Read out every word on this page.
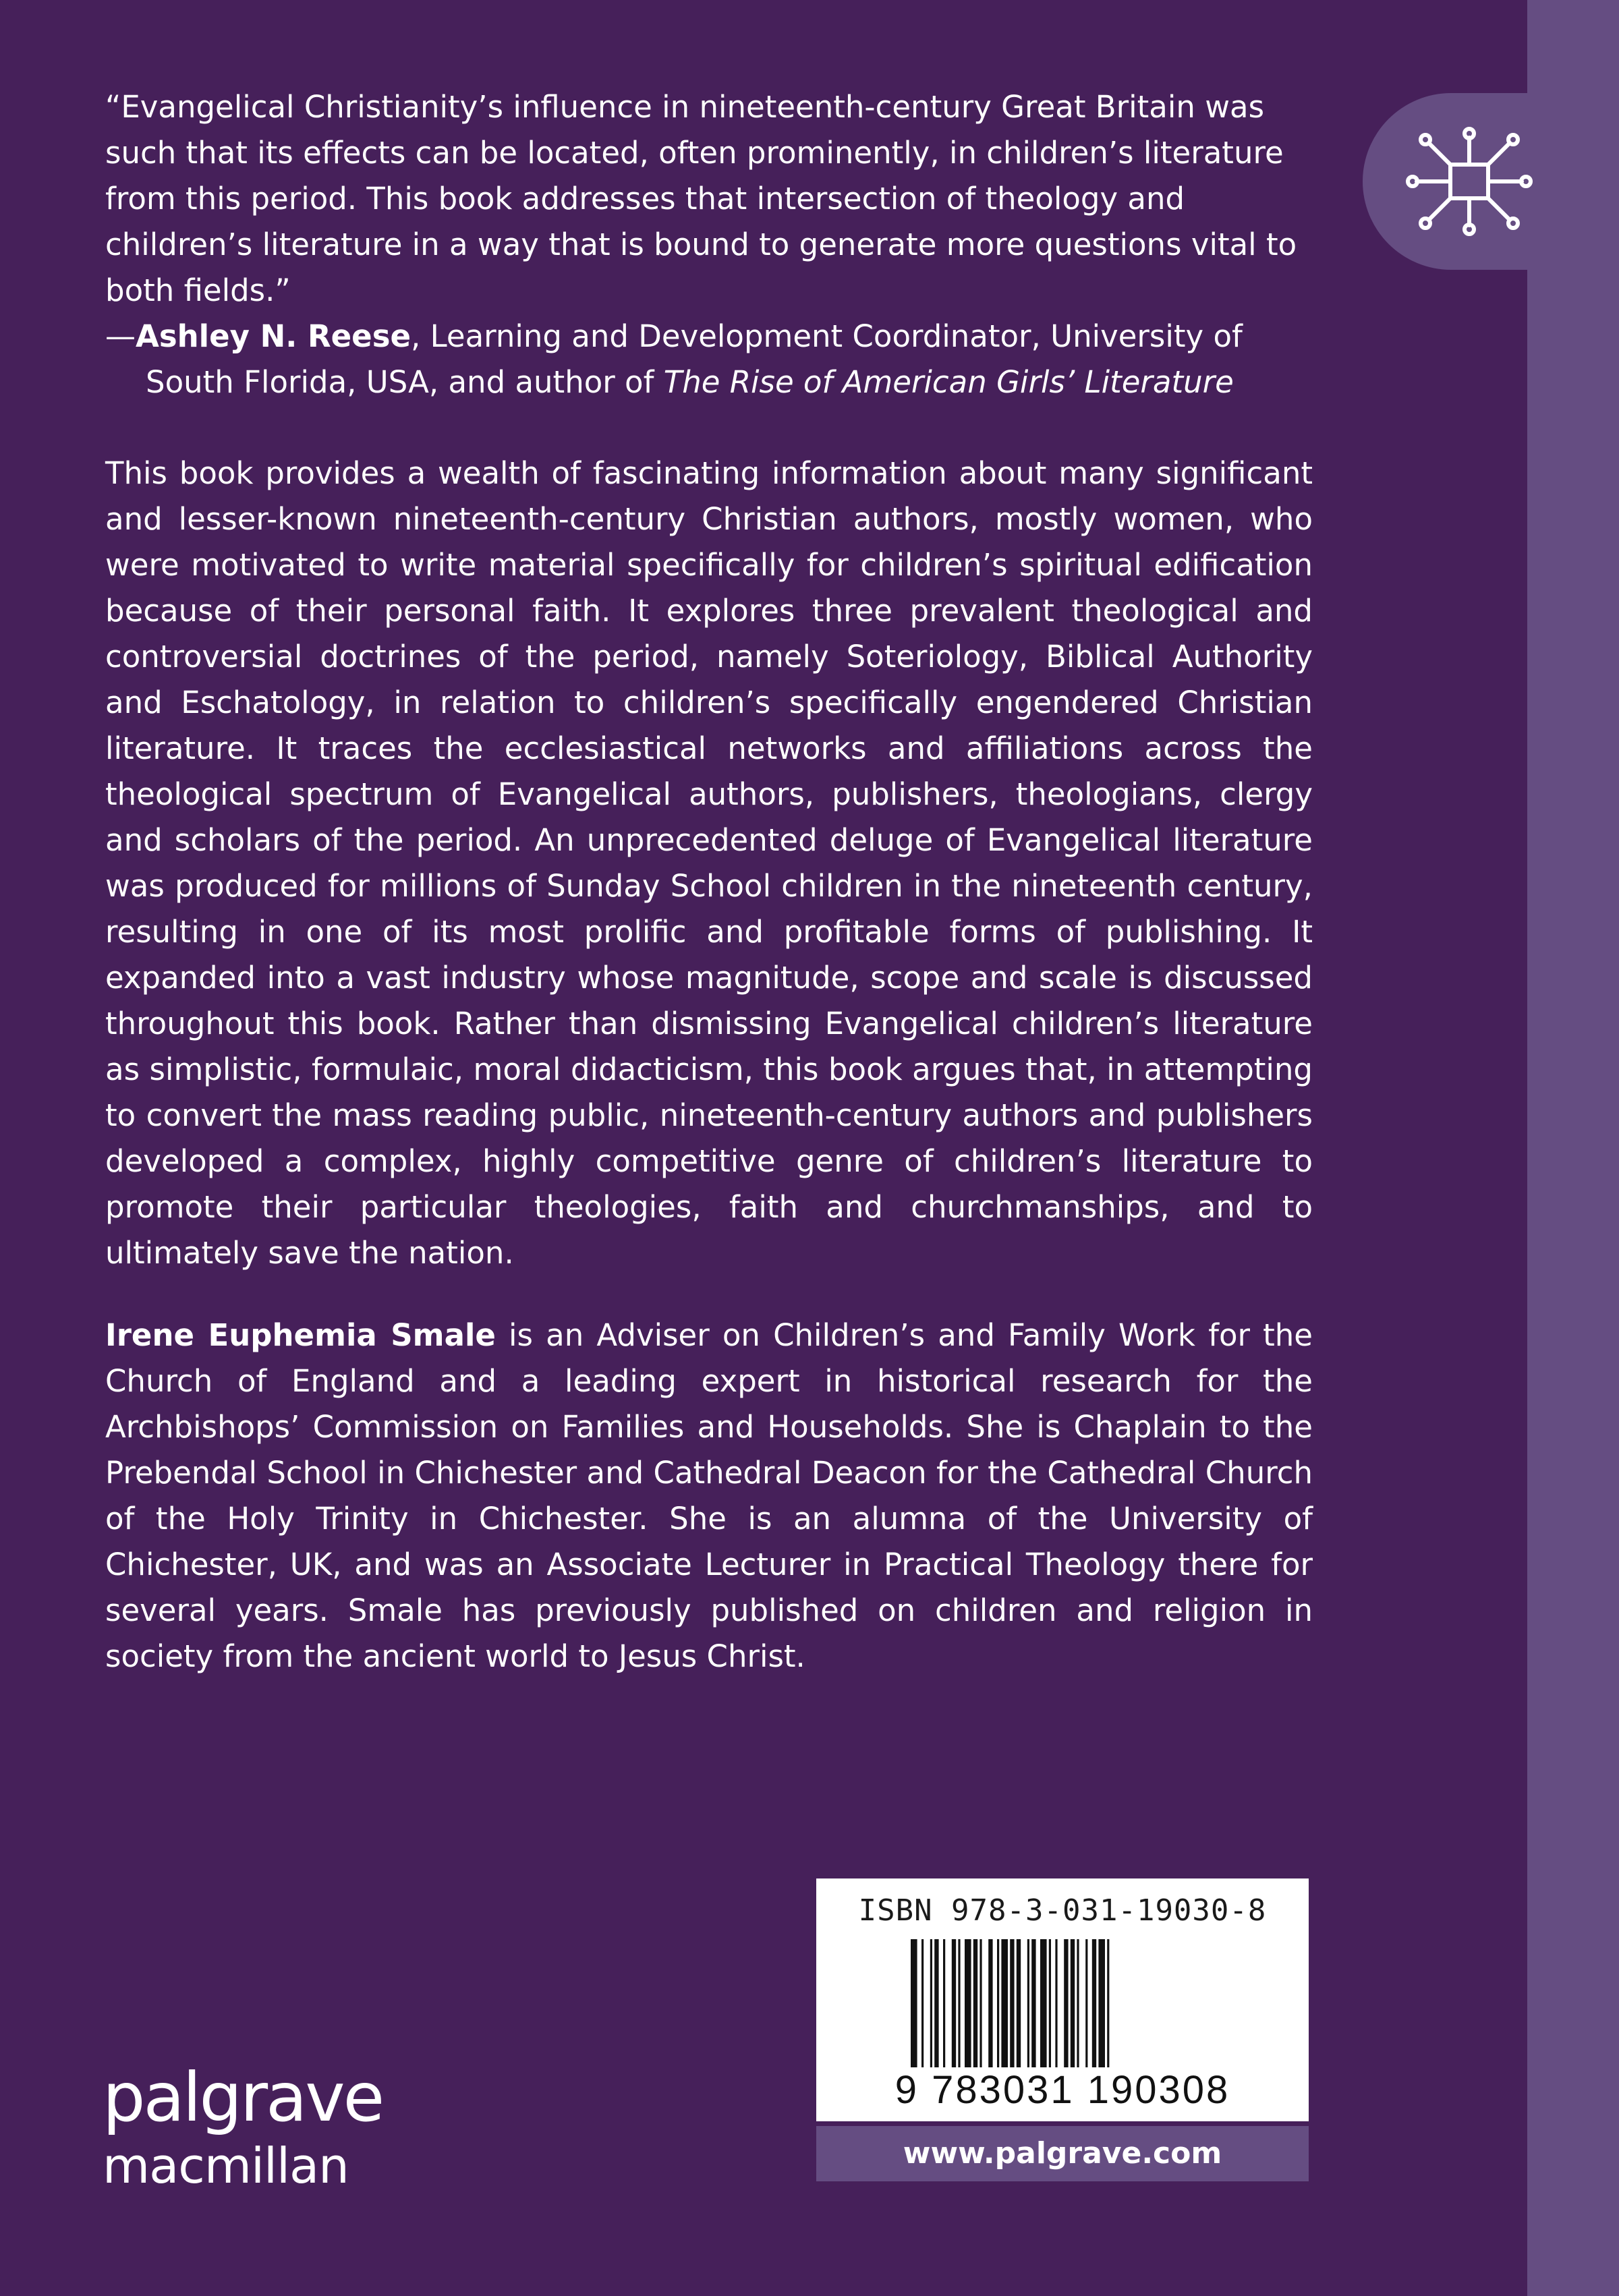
“Evangelical Christianity’s influence in nineteenth-century Great Britain was such that its effects can be located, often prominently, in children’s literature from this period. This book addresses that intersection of theology and children’s literature in a way that is bound to generate more questions vital to both fields.”

—Ashley N. Reese, Learning and Development Coordinator, University of South Florida, USA, and author of The Rise of American Girls’ Literature
This book provides a wealth of fascinating information about many significant and lesser-known nineteenth-century Christian authors, mostly women, who were motivated to write material specifically for children’s spiritual edification because of their personal faith. It explores three prevalent theological and controversial doctrines of the period, namely Soteriology, Biblical Authority and Eschatology, in relation to children’s specifically engendered Christian literature. It traces the ecclesiastical networks and affiliations across the theological spectrum of Evangelical authors, publishers, theologians, clergy and scholars of the period. An unprecedented deluge of Evangelical literature was produced for millions of Sunday School children in the nineteenth century, resulting in one of its most prolific and profitable forms of publishing. It expanded into a vast industry whose magnitude, scope and scale is discussed throughout this book. Rather than dismissing Evangelical children’s literature as simplistic, formulaic, moral didacticism, this book argues that, in attempting to convert the mass reading public, nineteenth-century authors and publishers developed a complex, highly competitive genre of children’s literature to promote their particular theologies, faith and churchmanships, and to ultimately save the nation.
Irene Euphemia Smale is an Adviser on Children’s and Family Work for the Church of England and a leading expert in historical research for the Archbishops’ Commission on Families and Households. She is Chaplain to the Prebendal School in Chichester and Cathedral Deacon for the Cathedral Church of the Holy Trinity in Chichester. She is an alumna of the University of Chichester, UK, and was an Associate Lecturer in Practical Theology there for several years. Smale has previously published on children and religion in society from the ancient world to Jesus Christ.
palgrave
macmillan
ISBN 978-3-031-19030-8
9 783031 190308
www.palgrave.com
